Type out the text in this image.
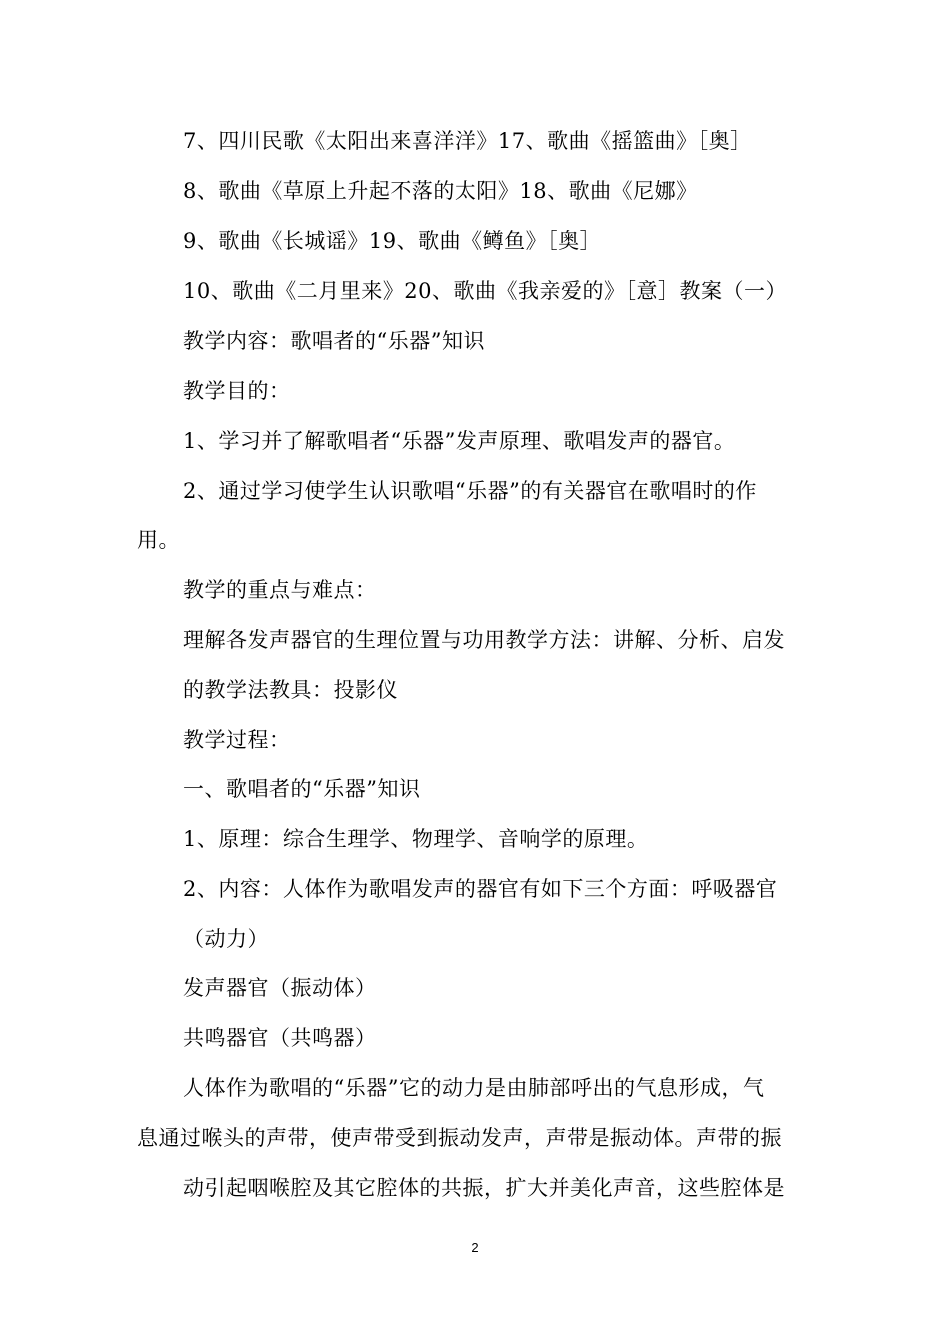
7、四川民歌《太阳出来喜洋洋》17、歌曲《摇篮曲》［奥］
8、歌曲《草原上升起不落的太阳》18、歌曲《尼娜》
9、歌曲《长城谣》19、歌曲《鳟鱼》［奥］
10、歌曲《二月里来》20、歌曲《我亲爱的》［意］教案（一）
教学内容：歌唱者的“乐器”知识
教学目的：
1、学习并了解歌唱者“乐器”发声原理、歌唱发声的器官。
2、通过学习使学生认识歌唱“乐器”的有关器官在歌唱时的作
用。
教学的重点与难点：
理解各发声器官的生理位置与功用教学方法：讲解、分析、启发
的教学法教具：投影仪
教学过程：
一、歌唱者的“乐器”知识
1、原理：综合生理学、物理学、音响学的原理。
2、内容：人体作为歌唱发声的器官有如下三个方面：呼吸器官
（动力）
发声器官（振动体）
共鸣器官（共鸣器）
人体作为歌唱的“乐器”它的动力是由肺部呼出的气息形成，气
息通过喉头的声带，使声带受到振动发声，声带是振动体。声带的振
动引起咽喉腔及其它腔体的共振，扩大并美化声音，这些腔体是
2
